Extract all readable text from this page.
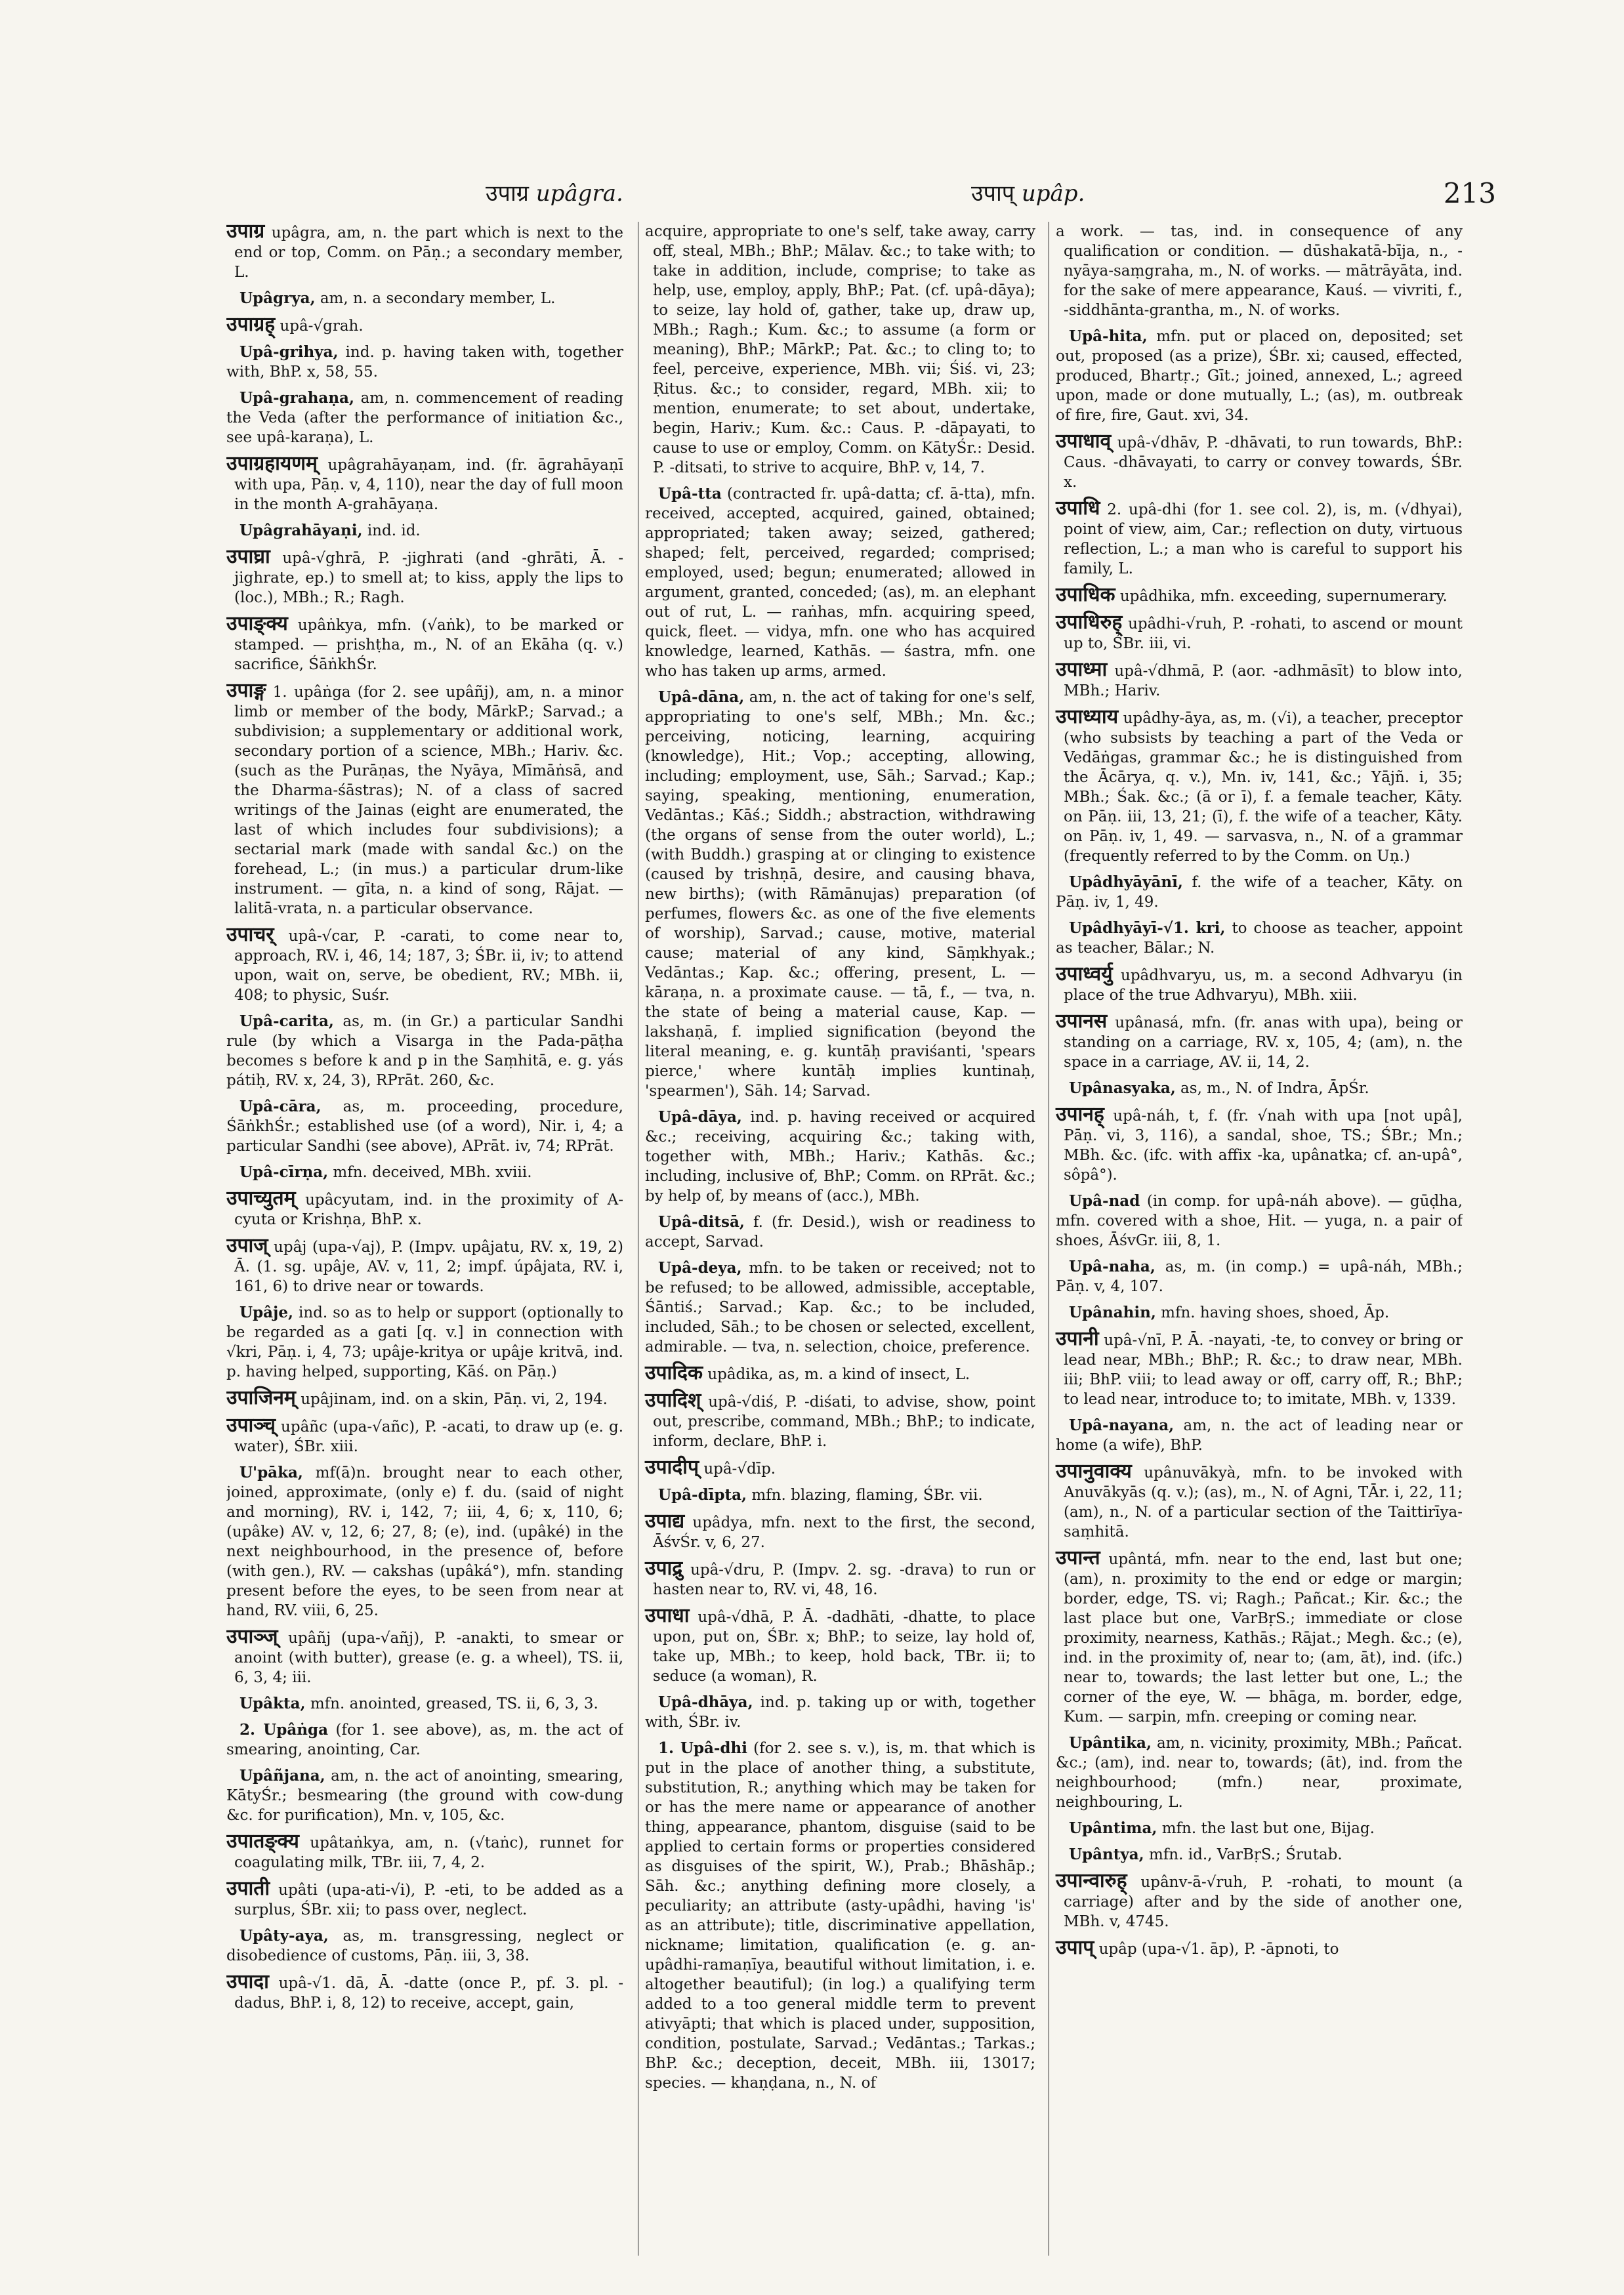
उपाग्र upâgra.	उपाप् upâp.	213

उपाग्र upâgra, am, n. the part which is next to the end or top, Comm. on Pāṇ.; a secondary member, L.

Upâgrya, am, n. a secondary member, L.

उपाग्रह् upâ-√grah.

Upâ-grihya, ind. p. having taken with, together with, BhP. x, 58, 55.

Upâ-grahaṇa, am, n. commencement of reading the Veda (after the performance of initiation &c., see upâ-karaṇa), L.

उपाग्रहायणम् upâgrahāyaṇam, ind. (fr. āgrahāyaṇī with upa, Pāṇ. v, 4, 110), near the day of full moon in the month A-grahāyaṇa.

Upâgrahāyaṇi, ind. id.

उपाघ्रा upâ-√ghrā, P. -jighrati (and -ghrāti, Ā. -jighrate, ep.) to smell at; to kiss, apply the lips to (loc.), MBh.; R.; Ragh.

उपाङ्क्य upâṅkya, mfn. (√aṅk), to be marked or stamped. — prishṭha, m., N. of an Ekāha (q. v.) sacrifice, ŚāṅkhŚr.

उपाङ्ग 1. upâṅga (for 2. see upâñj), am, n. a minor limb or member of the body, MārkP.; Sarvad.; a subdivision; a supplementary or additional work, secondary portion of a science, MBh.; Hariv. &c. (such as the Purāṇas, the Nyāya, Mīmāṅsā, and the Dharma-śāstras); N. of a class of sacred writings of the Jainas (eight are enumerated, the last of which includes four subdivisions); a sectarial mark (made with sandal &c.) on the forehead, L.; (in mus.) a particular drum-like instrument. — gīta, n. a kind of song, Rājat. — lalitā-vrata, n. a particular observance.

उपाचर् upâ-√car, P. -carati, to come near to, approach, RV. i, 46, 14; 187, 3; ŚBr. ii, iv; to attend upon, wait on, serve, be obedient, RV.; MBh. ii, 408; to physic, Suśr.

Upâ-carita, as, m. (in Gr.) a particular Sandhi rule (by which a Visarga in the Pada-pāṭha becomes s before k and p in the Saṃhitā, e. g. yás pátiḥ, RV. x, 24, 3), RPrāt. 260, &c.

Upâ-cāra, as, m. proceeding, procedure, ŚāṅkhŚr.; established use (of a word), Nir. i, 4; a particular Sandhi (see above), APrāt. iv, 74; RPrāt.

Upâ-cīrṇa, mfn. deceived, MBh. xviii.

उपाच्युतम् upâcyutam, ind. in the proximity of A-cyuta or Krishṇa, BhP. x.

उपाज् upâj (upa-√aj), P. (Impv. upâjatu, RV. x, 19, 2) Ā. (1. sg. upâje, AV. v, 11, 2; impf. úpâjata, RV. i, 161, 6) to drive near or towards.

Upâje, ind. so as to help or support (optionally to be regarded as a gati [q. v.] in connection with √kri, Pāṇ. i, 4, 73; upâje-kritya or upâje kritvā, ind. p. having helped, supporting, Kāś. on Pāṇ.)

उपाजिनम् upâjinam, ind. on a skin, Pāṇ. vi, 2, 194.

उपाञ्च् upâñc (upa-√añc), P. -acati, to draw up (e. g. water), ŚBr. xiii.

U'pāka, mf(ā)n. brought near to each other, joined, approximate, (only e) f. du. (said of night and morning), RV. i, 142, 7; iii, 4, 6; x, 110, 6; (upâke) AV. v, 12, 6; 27, 8; (e), ind. (upâké) in the next neighbourhood, in the presence of, before (with gen.), RV. — cakshas (upâká°), mfn. standing present before the eyes, to be seen from near at hand, RV. viii, 6, 25.

उपाञ्ज् upâñj (upa-√añj), P. -anakti, to smear or anoint (with butter), grease (e. g. a wheel), TS. ii, 6, 3, 4; iii.

Upâkta, mfn. anointed, greased, TS. ii, 6, 3, 3.

2. Upâṅga (for 1. see above), as, m. the act of smearing, anointing, Car.

Upâñjana, am, n. the act of anointing, smearing, KātyŚr.; besmearing (the ground with cow-dung &c. for purification), Mn. v, 105, &c.

उपातङ्क्य upâtaṅkya, am, n. (√taṅc), runnet for coagulating milk, TBr. iii, 7, 4, 2.

उपाती upâti (upa-ati-√i), P. -eti, to be added as a surplus, ŚBr. xii; to pass over, neglect.

Upâty-aya, as, m. transgressing, neglect or disobedience of customs, Pāṇ. iii, 3, 38.

उपादा upâ-√1. dā, Ā. -datte (once P., pf. 3. pl. -dadus, BhP. i, 8, 12) to receive, accept, gain,

acquire, appropriate to one's self, take away, carry off, steal, MBh.; BhP.; Mālav. &c.; to take with; to take in addition, include, comprise; to take as help, use, employ, apply, BhP.; Pat. (cf. upâ-dāya); to seize, lay hold of, gather, take up, draw up, MBh.; Ragh.; Kum. &c.; to assume (a form or meaning), BhP.; MārkP.; Pat. &c.; to cling to; to feel, perceive, experience, MBh. vii; Śiś. vi, 23; Ṛitus. &c.; to consider, regard, MBh. xii; to mention, enumerate; to set about, undertake, begin, Hariv.; Kum. &c.: Caus. P. -dāpayati, to cause to use or employ, Comm. on KātyŚr.: Desid. P. -ditsati, to strive to acquire, BhP. v, 14, 7.

Upâ-tta (contracted fr. upâ-datta; cf. ā-tta), mfn. received, accepted, acquired, gained, obtained; appropriated; taken away; seized, gathered; shaped; felt, perceived, regarded; comprised; employed, used; begun; enumerated; allowed in argument, granted, conceded; (as), m. an elephant out of rut, L. — raṅhas, mfn. acquiring speed, quick, fleet. — vidya, mfn. one who has acquired knowledge, learned, Kathās. — śastra, mfn. one who has taken up arms, armed.

Upâ-dāna, am, n. the act of taking for one's self, appropriating to one's self, MBh.; Mn. &c.; perceiving, noticing, learning, acquiring (knowledge), Hit.; Vop.; accepting, allowing, including; employment, use, Sāh.; Sarvad.; Kap.; saying, speaking, mentioning, enumeration, Vedāntas.; Kāś.; Siddh.; abstraction, withdrawing (the organs of sense from the outer world), L.; (with Buddh.) grasping at or clinging to existence (caused by trishṇā, desire, and causing bhava, new births); (with Rāmānujas) preparation (of perfumes, flowers &c. as one of the five elements of worship), Sarvad.; cause, motive, material cause; material of any kind, Sāṃkhyak.; Vedāntas.; Kap. &c.; offering, present, L. — kāraṇa, n. a proximate cause. — tā, f., — tva, n. the state of being a material cause, Kap. — lakshaṇā, f. implied signification (beyond the literal meaning, e. g. kuntāḥ praviśanti, 'spears pierce,' where kuntāḥ implies kuntinaḥ, 'spearmen'), Sāh. 14; Sarvad.

Upâ-dāya, ind. p. having received or acquired &c.; receiving, acquiring &c.; taking with, together with, MBh.; Hariv.; Kathās. &c.; including, inclusive of, BhP.; Comm. on RPrāt. &c.; by help of, by means of (acc.), MBh.

Upâ-ditsā, f. (fr. Desid.), wish or readiness to accept, Sarvad.

Upâ-deya, mfn. to be taken or received; not to be refused; to be allowed, admissible, acceptable, Śāntiś.; Sarvad.; Kap. &c.; to be included, included, Sāh.; to be chosen or selected, excellent, admirable. — tva, n. selection, choice, preference.

उपादिक upâdika, as, m. a kind of insect, L.

उपादिश् upâ-√diś, P. -diśati, to advise, show, point out, prescribe, command, MBh.; BhP.; to indicate, inform, declare, BhP. i.

उपादीप् upâ-√dīp.

Upâ-dīpta, mfn. blazing, flaming, ŚBr. vii.

उपाद्य upâdya, mfn. next to the first, the second, ĀśvŚr. v, 6, 27.

उपाद्रु upâ-√dru, P. (Impv. 2. sg. -drava) to run or hasten near to, RV. vi, 48, 16.

उपाधा upâ-√dhā, P. Ā. -dadhāti, -dhatte, to place upon, put on, ŚBr. x; BhP.; to seize, lay hold of, take up, MBh.; to keep, hold back, TBr. ii; to seduce (a woman), R.

Upâ-dhāya, ind. p. taking up or with, together with, ŚBr. iv.

1. Upâ-dhi (for 2. see s. v.), is, m. that which is put in the place of another thing, a substitute, substitution, R.; anything which may be taken for or has the mere name or appearance of another thing, appearance, phantom, disguise (said to be applied to certain forms or properties considered as disguises of the spirit, W.), Prab.; Bhāshāp.; Sāh. &c.; anything defining more closely, a peculiarity; an attribute (asty-upâdhi, having 'is' as an attribute); title, discriminative appellation, nickname; limitation, qualification (e. g. an-upâdhi-ramaṇīya, beautiful without limitation, i. e. altogether beautiful); (in log.) a qualifying term added to a too general middle term to prevent ativyāpti; that which is placed under, supposition, condition, postulate, Sarvad.; Vedāntas.; Tarkas.; BhP. &c.; deception, deceit, MBh. iii, 13017; species. — khaṇḍana, n., N. of

a work. — tas, ind. in consequence of any qualification or condition. — dūshakatā-bīja, n., -nyāya-saṃgraha, m., N. of works. — mātrāyāta, ind. for the sake of mere appearance, Kauś. — vivriti, f., -siddhānta-grantha, m., N. of works.

Upâ-hita, mfn. put or placed on, deposited; set out, proposed (as a prize), ŚBr. xi; caused, effected, produced, Bhartṛ.; Gīt.; joined, annexed, L.; agreed upon, made or done mutually, L.; (as), m. outbreak of fire, fire, Gaut. xvi, 34.

उपाधाव् upâ-√dhāv, P. -dhāvati, to run towards, BhP.: Caus. -dhāvayati, to carry or convey towards, ŚBr. x.

उपाधि 2. upâ-dhi (for 1. see col. 2), is, m. (√dhyai), point of view, aim, Car.; reflection on duty, virtuous reflection, L.; a man who is careful to support his family, L.

उपाधिक upâdhika, mfn. exceeding, supernumerary.

उपाधिरुह् upâdhi-√ruh, P. -rohati, to ascend or mount up to, ŚBr. iii, vi.

उपाध्मा upâ-√dhmā, P. (aor. -adhmāsīt) to blow into, MBh.; Hariv.

उपाध्याय upâdhy-āya, as, m. (√i), a teacher, preceptor (who subsists by teaching a part of the Veda or Vedāṅgas, grammar &c.; he is distinguished from the Ācārya, q. v.), Mn. iv, 141, &c.; Yājñ. i, 35; MBh.; Śak. &c.; (ā or ī), f. a female teacher, Kāty. on Pāṇ. iii, 13, 21; (ī), f. the wife of a teacher, Kāty. on Pāṇ. iv, 1, 49. — sarvasva, n., N. of a grammar (frequently referred to by the Comm. on Uṇ.)

Upâdhyāyānī, f. the wife of a teacher, Kāty. on Pāṇ. iv, 1, 49.

Upâdhyāyī-√1. kri, to choose as teacher, appoint as teacher, Bālar.; N.

उपाध्वर्यु upâdhvaryu, us, m. a second Adhvaryu (in place of the true Adhvaryu), MBh. xiii.

उपानस upânasá, mfn. (fr. anas with upa), being or standing on a carriage, RV. x, 105, 4; (am), n. the space in a carriage, AV. ii, 14, 2.

Upânasyaka, as, m., N. of Indra, ĀpŚr.

उपानह् upâ-náh, t, f. (fr. √nah with upa [not upâ], Pāṇ. vi, 3, 116), a sandal, shoe, TS.; ŚBr.; Mn.; MBh. &c. (ifc. with affix -ka, upânatka; cf. an-upâ°, sôpâ°).

Upâ-nad (in comp. for upâ-náh above). — gūḍha, mfn. covered with a shoe, Hit. — yuga, n. a pair of shoes, ĀśvGr. iii, 8, 1.

Upâ-naha, as, m. (in comp.) = upâ-náh, MBh.; Pāṇ. v, 4, 107.

Upânahin, mfn. having shoes, shoed, Āp.

उपानी upâ-√nī, P. Ā. -nayati, -te, to convey or bring or lead near, MBh.; BhP.; R. &c.; to draw near, MBh. iii; BhP. viii; to lead away or off, carry off, R.; BhP.; to lead near, introduce to; to imitate, MBh. v, 1339.

Upâ-nayana, am, n. the act of leading near or home (a wife), BhP.

उपानुवाक्य upânuvākyà, mfn. to be invoked with Anuvākyās (q. v.); (as), m., N. of Agni, TĀr. i, 22, 11; (am), n., N. of a particular section of the Taittirīya-saṃhitā.

उपान्त upântá, mfn. near to the end, last but one; (am), n. proximity to the end or edge or margin; border, edge, TS. vi; Ragh.; Pañcat.; Kir. &c.; the last place but one, VarBṛS.; immediate or close proximity, nearness, Kathās.; Rājat.; Megh. &c.; (e), ind. in the proximity of, near to; (am, āt), ind. (ifc.) near to, towards; the last letter but one, L.; the corner of the eye, W. — bhāga, m. border, edge, Kum. — sarpin, mfn. creeping or coming near.

Upântika, am, n. vicinity, proximity, MBh.; Pañcat. &c.; (am), ind. near to, towards; (āt), ind. from the neighbourhood; (mfn.) near, proximate, neighbouring, L.

Upântima, mfn. the last but one, Bijag.

Upântya, mfn. id., VarBṛS.; Śrutab.

उपान्वारुह् upânv-ā-√ruh, P. -rohati, to mount (a carriage) after and by the side of another one, MBh. v, 4745.

उपाप् upâp (upa-√1. āp), P. -āpnoti, to
